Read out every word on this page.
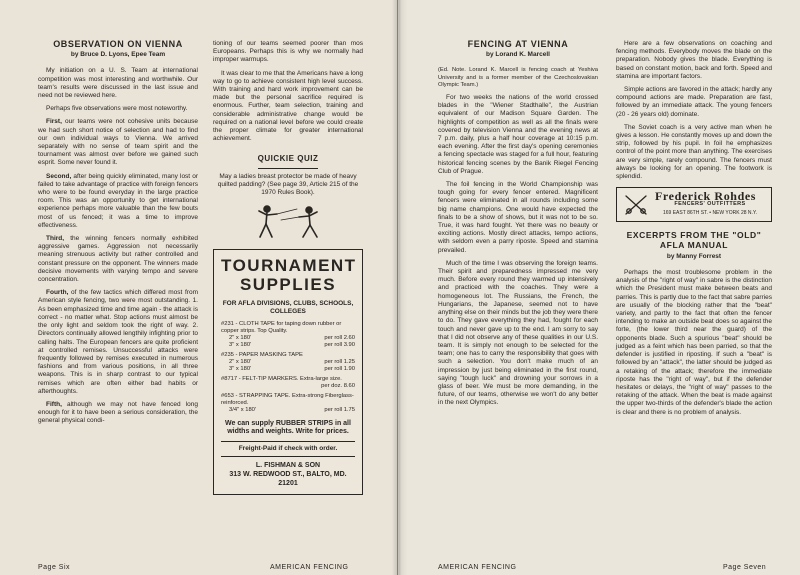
OBSERVATION ON VIENNA
by Bruce D. Lyons, Epee Team

My initiation on a U. S. Team at international competition was most interesting and worthwhile. Our team's results were discussed in the last issue and need not be reviewed here.

Perhaps five observations were most noteworthy.

First, our teams were not cohesive units because we had such short notice of selection and had to find our own individual ways to Vienna. We arrived separately with no sense of team spirit and the tournament was almost over before we gained such esprit. Some never found it.

Second, after being quickly eliminated, many lost or failed to take advantage of practice with foreign fencers who were to be found everyday in the large practice room. This was an opportunity to get international experience perhaps more valuable than the few bouts most of us fenced; it was a time to improve effectiveness.

Third, the winning fencers normally exhibited aggressive games. Aggression not necessarily meaning strenuous activity but rather controlled and constant pressure on the opponent. The winners made decisive movements with varying tempo and severe concentration.

Fourth, of the few tactics which differed most from American style fencing, two were most outstanding. 1. As been emphasized time and time again - the attack is correct - no matter what. Stop actions must almost be the only light and seldom took the right of way. 2. Directors continually allowed lengthily infighting prior to calling halts. The European fencers are quite proficient at controlled remises. Unsuccessful attacks were frequently followed by remises executed in numerous fashions and from various positions, in all three weapons. This is in sharp contrast to our typical remises which are often either bad habits or afterthoughts.

Fifth, although we may not have fenced long enough for it to have been a serious consideration, the general physical condi-

tioning of our teams seemed poorer than mos Europeans. Perhaps this is why we normally had improper warmups.

It was clear to me that the Americans have a long way to go to achieve consistent high level success. With training and hard work improvement can be made but the personal sacrifice required is enormous. Further, team selection, training and considerable administrative change would be required on a national level before we could create the proper climate for greater international achievement.

QUICKIE QUIZ

May a ladies breast protector be made of heavy quilted padding? (See page 39, Article 215 of the 1970 Rules Book).

TOURNAMENT
SUPPLIES
FOR AFLA DIVISIONS, CLUBS, SCHOOLS, COLLEGES
#231 - CLOTH TAPE for taping down rubber or copper strips. Top Quality.
2" x 180'	per roll 2.60
3" x 180'	per roll 3.90
#235 - PAPER MASKING TAPE
2" x 180'	per roll 1.25
3" x 180'	per roll 1.90
#8717 - FELT-TIP MARKERS. Extra-large size.
per doz. 8.60
#653 - STRAPPING TAPE. Extra-strong Fiberglass-reinforced.
3/4" x 180'	per roll 1.75
We can supply RUBBER STRIPS in all widths and weights. Write for prices.
Freight-Paid if check with order.
L. FISHMAN & SON
313 W. REDWOOD ST., BALTO, MD. 21201
Page Six	AMERICAN FENCING
FENCING AT VIENNA
by Lorand K. Marcell

(Ed. Note. Lorand K. Marcell is fencing coach at Yeshiva University and is a former member of the Czechoslovakian Olympic Team.)

For two weeks the nations of the world crossed blades in the "Wiener Stadthalle", the Austrian equivalent of our Madison Square Garden. The highlights of competition as well as all the finals were covered by television Vienna and the evening news at 7 p.m. daily, plus a half hour coverage at 10:15 p.m. each evening. After the first day's opening ceremonies a fencing spectacle was staged for a full hour, featuring historical fencing scenes by the Banik Riegel Fencing Club of Prague.

The foil fencing in the World Championship was tough going for every fencer entered. Magnificent fencers were eliminated in all rounds including some big name champions. One would have expected the finals to be a show of shows, but it was not to be so. True, it was hard fought. Yet there was no beauty or exciting actions. Mostly direct attacks, tempo actions, with seldom even a parry riposte. Speed and stamina prevailed.

Much of the time I was observing the foreign teams. Their spirit and preparedness impressed me very much. Before every round they warmed up intensively and practiced with the coaches. They were a homogeneous lot. The Russians, the French, the Hungarians, the Japanese, seemed not to have anything else on their minds but the job they were there to do. They gave everything they had, fought for each touch and never gave up to the end. I am sorry to say that I did not observe any of these qualities in our U.S. team. It is simply not enough to be selected for the team; one has to carry the responsibility that goes with such a selection. You don't make much of an impression by just being eliminated in the first round, saying "tough luck" and drowning your sorrows in a glass of beer. We must be more demanding, in the future, of our teams, otherwise we won't do any better in the next Olympics.

Here are a few observations on coaching and fencing methods. Everybody moves the blade on the preparation. Nobody gives the blade. Everything is based on constant motion, back and forth. Speed and stamina are important factors.

Simple actions are favored in the attack; hardly any compound actions are made. Preparation are fast, followed by an immediate attack. The young fencers (20 - 26 years old) dominate.

The Soviet coach is a very active man when he gives a lesson. He constantly moves up and down the strip, followed by his pupil. In foil he emphasizes control of the point more than anything. The exercises are very simple, rarely compound. The fencers must always be looking for an opening. The footwork is splendid.

Frederick Rohdes
FENCERS' OUTFITTERS
169 EAST 86TH ST. • NEW YORK 28 N.Y.
EXCERPTS FROM THE "OLD" AFLA MANUAL
by Manny Forrest

Perhaps the most troublesome problem in the analysis of the "right of way" in sabre is the distinction which the President must make between beats and parries. This is partly due to the fact that sabre parries are usually of the blocking rather that the "beat" variety, and partly to the fact that often the fencer intending to make an outside beat does so against the forte, (the lower third near the guard) of the opponents blade. Such a spurious "beat" should be judged as a feint which has been parried, so that the defender is justified in riposting. If such a "beat" is followed by an "attack", the latter should be judged as a retaking of the attack; therefore the immediate riposte has the "right of way", but if the defender hesitates or delays, the "right of way" passes to the retaking of the attack. When the beat is made against the upper two-thirds of the defender's blade the action is clear and there is no problem of analysis.

AMERICAN FENCING	Page Seven
